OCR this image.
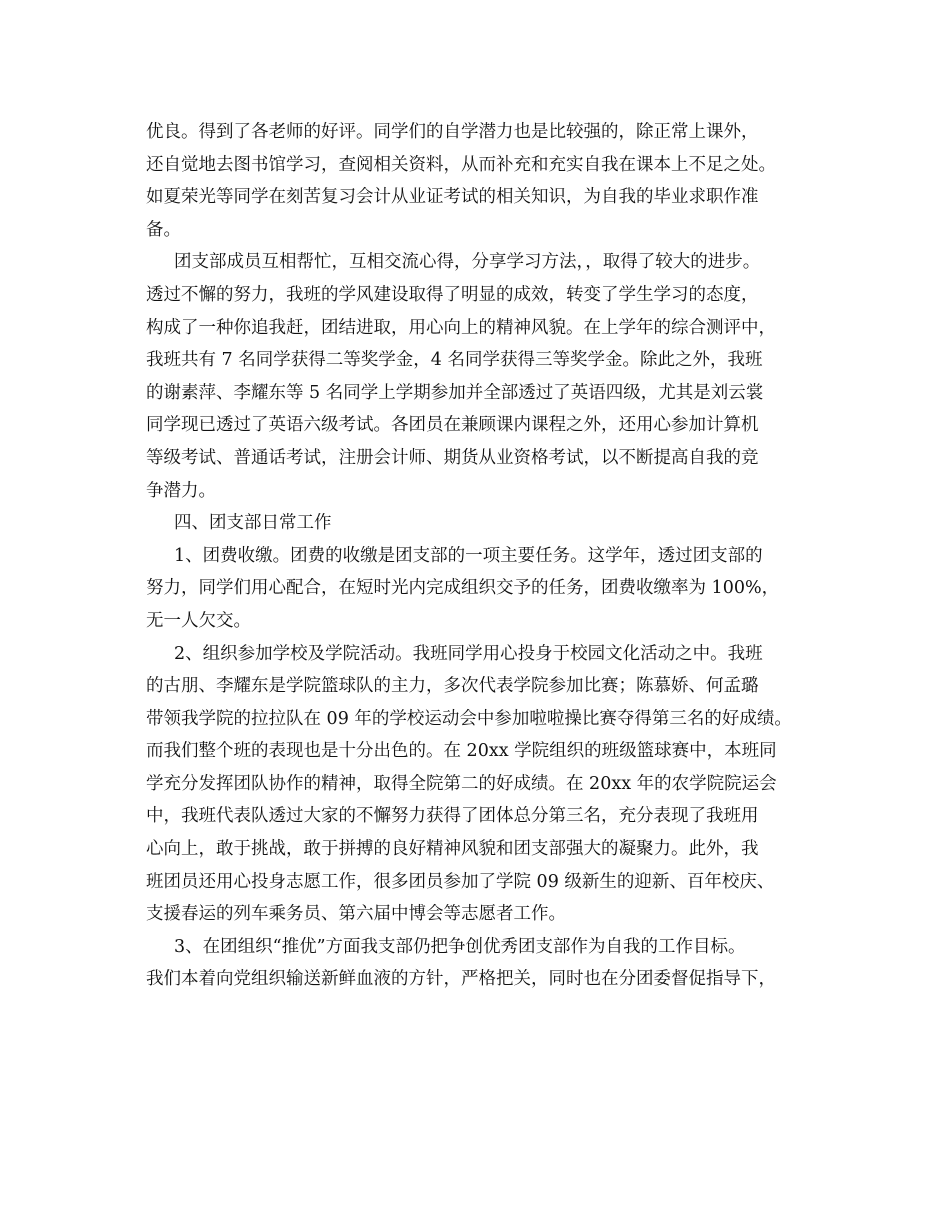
优良。得到了各老师的好评。同学们的自学潜力也是比较强的，除正常上课外，
还自觉地去图书馆学习，查阅相关资料，从而补充和充实自我在课本上不足之处。
如夏荣光等同学在刻苦复习会计从业证考试的相关知识，为自我的毕业求职作准
备。
团支部成员互相帮忙，互相交流心得，分享学习方法，，取得了较大的进步。
透过不懈的努力，我班的学风建设取得了明显的成效，转变了学生学习的态度，
构成了一种你追我赶，团结进取，用心向上的精神风貌。在上学年的综合测评中，
我班共有 7 名同学获得二等奖学金，4 名同学获得三等奖学金。除此之外，我班
的谢素萍、李耀东等 5 名同学上学期参加并全部透过了英语四级，尤其是刘云裳
同学现已透过了英语六级考试。各团员在兼顾课内课程之外，还用心参加计算机
等级考试、普通话考试，注册会计师、期货从业资格考试，以不断提高自我的竞
争潜力。
四、团支部日常工作
1、团费收缴。团费的收缴是团支部的一项主要任务。这学年，透过团支部的
努力，同学们用心配合，在短时光内完成组织交予的任务，团费收缴率为 100%，
无一人欠交。
2、组织参加学校及学院活动。我班同学用心投身于校园文化活动之中。我班
的古朋、李耀东是学院篮球队的主力，多次代表学院参加比赛；陈慕娇、何孟璐
带领我学院的拉拉队在 09 年的学校运动会中参加啦啦操比赛夺得第三名的好成绩。
而我们整个班的表现也是十分出色的。在 20xx 学院组织的班级篮球赛中，本班同
学充分发挥团队协作的精神，取得全院第二的好成绩。在 20xx 年的农学院院运会
中，我班代表队透过大家的不懈努力获得了团体总分第三名，充分表现了我班用
心向上，敢于挑战，敢于拼搏的良好精神风貌和团支部强大的凝聚力。此外，我
班团员还用心投身志愿工作，很多团员参加了学院 09 级新生的迎新、百年校庆、
支援春运的列车乘务员、第六届中博会等志愿者工作。
3、在团组织“推优”方面我支部仍把争创优秀团支部作为自我的工作目标。
我们本着向党组织输送新鲜血液的方针，严格把关，同时也在分团委督促指导下，
